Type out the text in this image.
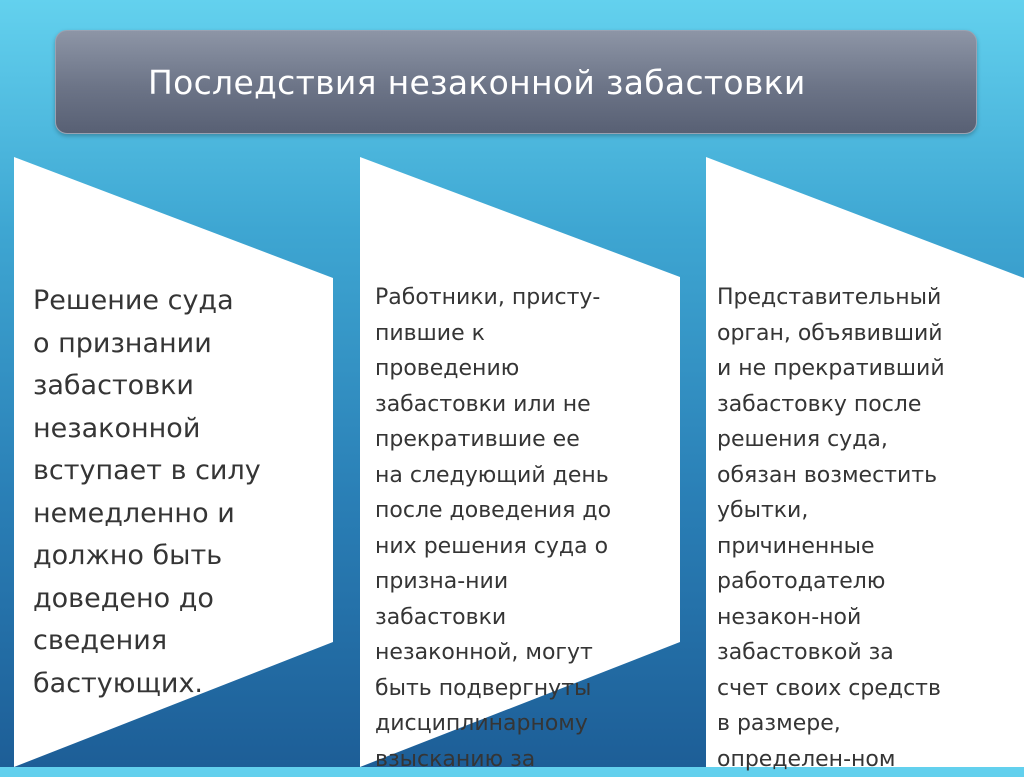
Последствия незаконной забастовки

Решение суда
о признании
забастовки
незаконной
вступает в силу
немедленно и
должно быть
доведено до
сведения
бастующих.

Работники, присту-
пившие к
проведению
забастовки или не
прекратившие ее
на следующий день
после доведения до
них решения суда о
призна-нии
забастовки
незаконной, могут
быть подвергнуты
дисциплинарному
взысканию за

Представительный
орган, объявивший
и не прекративший
забастовку после
решения суда,
обязан возместить
убытки,
причиненные
работодателю
незакон-ной
забастовкой за
счет своих средств
в размере,
определен-ном
